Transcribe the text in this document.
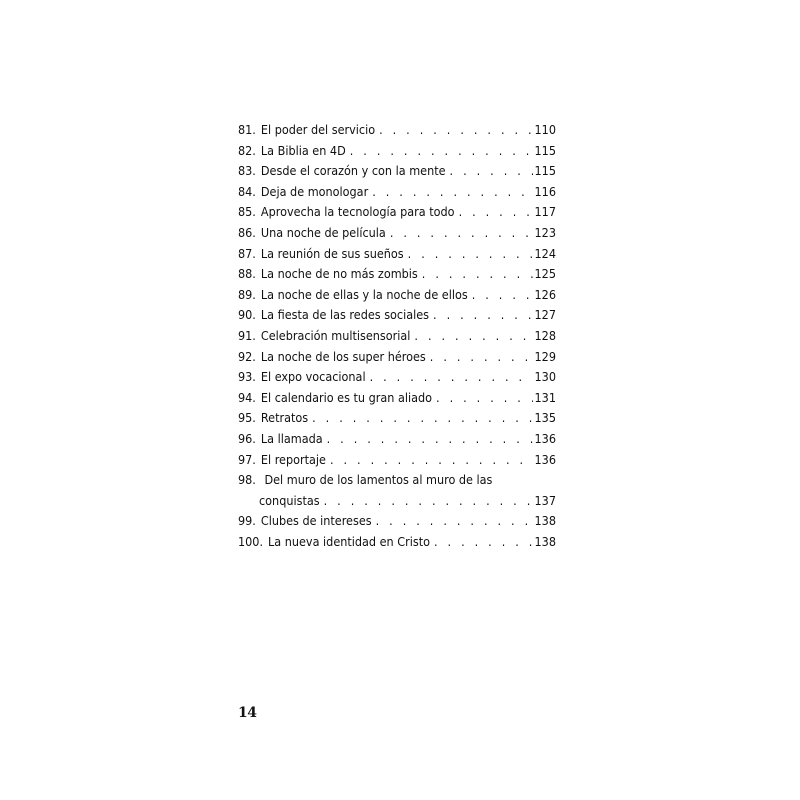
81. El poder del servicio . . .	110
82. La Biblia en 4D . . .	115
83. Desde el corazón y con la mente . . .	115
84. Deja de monologar . . .	116
85. Aprovecha la tecnología para todo . . .	117
86. Una noche de película . . .	123
87. La reunión de sus sueños . . .	124
88. La noche de no más zombis . . .	125
89. La noche de ellas y la noche de ellos . . .	126
90. La fiesta de las redes sociales . . .	127
91. Celebración multisensorial . . .	128
92. La noche de los super héroes . . .	129
93. El expo vocacional . . .	130
94. El calendario es tu gran aliado . . .	131
95. Retratos . . .	135
96. La llamada . . .	136
97. El reportaje . . .	136
98. Del muro de los lamentos al muro de las
conquistas . . .	137
99. Clubes de intereses . . .	138
100. La nueva identidad en Cristo . . .	138
14
